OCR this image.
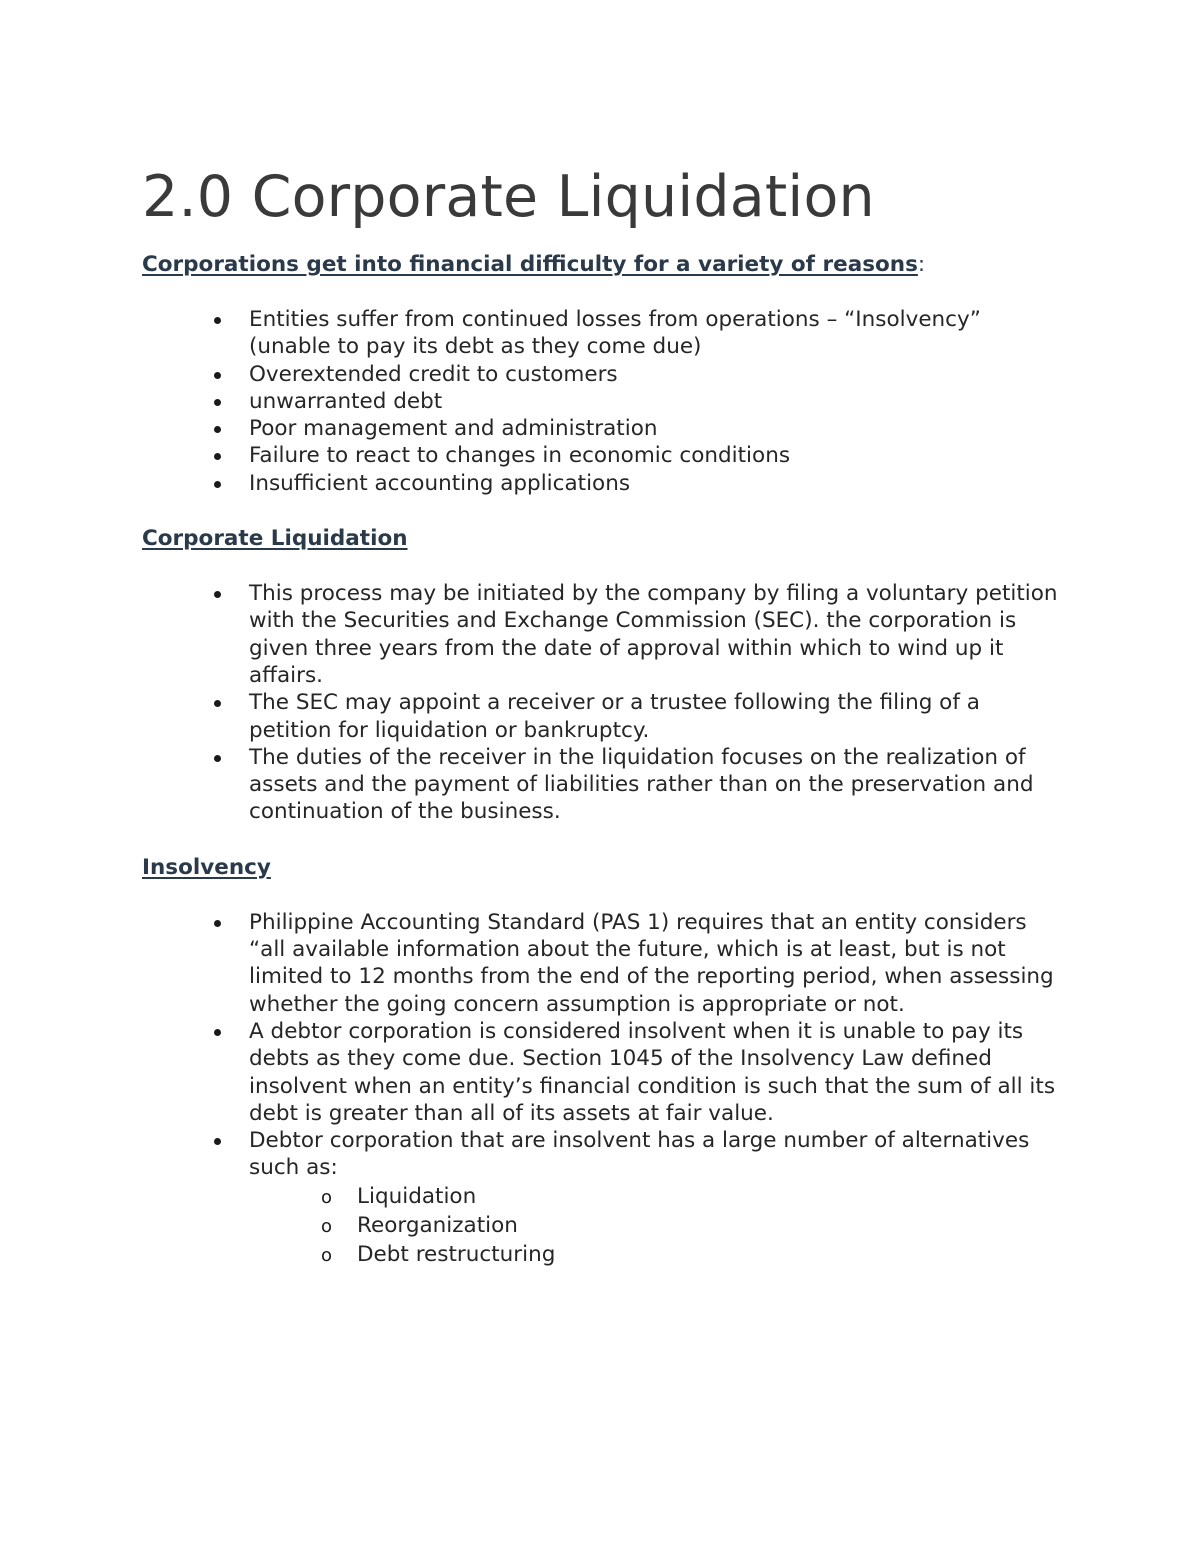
2.0 Corporate Liquidation

Corporations get into financial difficulty for a variety of reasons:

Entities suffer from continued losses from operations – “Insolvency” (unable to pay its debt as they come due)
Overextended credit to customers
unwarranted debt
Poor management and administration
Failure to react to changes in economic conditions
Insufficient accounting applications

Corporate Liquidation

This process may be initiated by the company by filing a voluntary petition with the Securities and Exchange Commission (SEC). the corporation is given three years from the date of approval within which to wind up it affairs.
The SEC may appoint a receiver or a trustee following the filing of a petition for liquidation or bankruptcy.
The duties of the receiver in the liquidation focuses on the realization of assets and the payment of liabilities rather than on the preservation and continuation of the business.

Insolvency

Philippine Accounting Standard (PAS 1) requires that an entity considers “all available information about the future, which is at least, but is not limited to 12 months from the end of the reporting period, when assessing whether the going concern assumption is appropriate or not.
A debtor corporation is considered insolvent when it is unable to pay its debts as they come due. Section 1045 of the Insolvency Law defined insolvent when an entity’s financial condition is such that the sum of all its debt is greater than all of its assets at fair value.
Debtor corporation that are insolvent has a large number of alternatives such as:
o Liquidation
o Reorganization
o Debt restructuring
